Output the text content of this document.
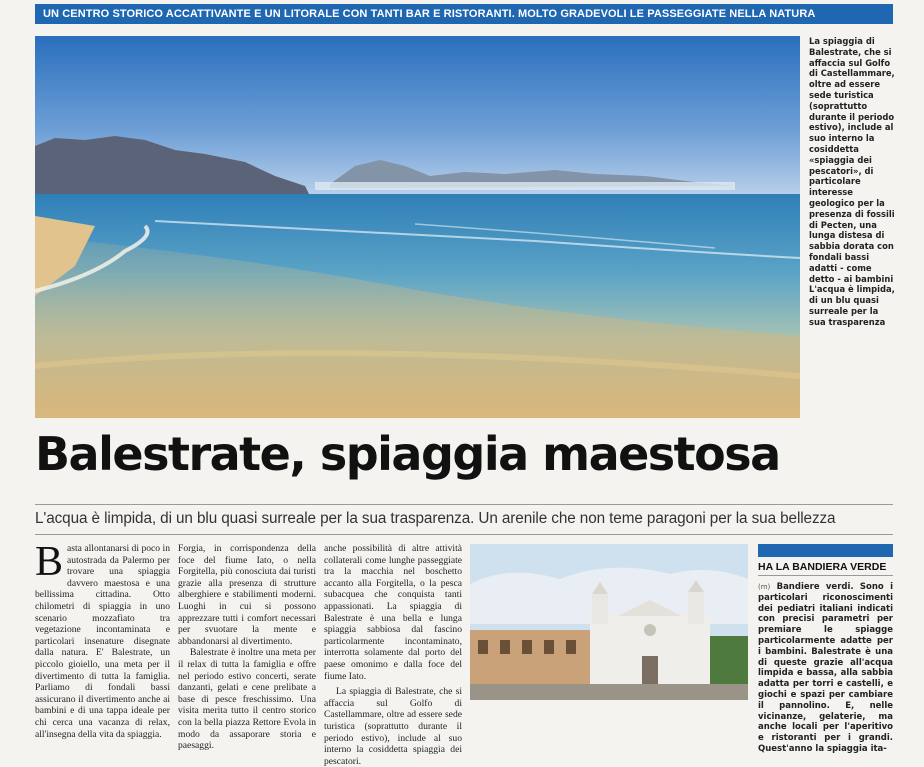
UN CENTRO STORICO ACCATTIVANTE E UN LITORALE CON TANTI BAR E RISTORANTI. MOLTO GRADEVOLI LE PASSEGGIATE NELLA NATURA
La spiaggia di Balestrate, che si affaccia sul Golfo di Castellammare, oltre ad essere sede turistica (soprattutto durante il periodo estivo), include al suo interno la cosiddetta «spiaggia dei pescatori», di particolare interesse geologico per la presenza di fossili di Pecten, una lunga distesa di sabbia dorata con fondali bassi adatti - come detto - ai bambini L'acqua è limpida, di un blu quasi surreale per la sua trasparenza
Balestrate, spiaggia maestosa
L'acqua è limpida, di un blu quasi surreale per la sua trasparenza. Un arenile che non teme paragoni per la sua bellezza
B asta allontanarsi di poco in autostrada da Palermo per trovare una spiaggia davvero maestosa e una bellissima cittadina. Otto chilometri di spiaggia in uno scenario mozzafiato tra vegetazione incontaminata e particolari insenature disegnate dalla natura. E' Balestrate, un piccolo gioiello, una meta per il divertimento di tutta la famiglia. Parliamo di fondali bassi assicurano il divertimento anche ai bambini e di una tappa ideale per chi cerca una vacanza di relax, all'insegna della vita da spiaggia.

Forgia, in corrispondenza della foce del fiume Iato, o nella Forgitella, più conosciuta dai turisti grazie alla presenza di strutture alberghiere e stabilimenti moderni. Luoghi in cui si possono apprezzare tutti i comfort necessari per svuotare la mente e abbandonarsi al divertimento.

Balestrate è inoltre una meta per il relax di tutta la famiglia e offre nel periodo estivo concerti, serate danzanti, gelati e cene prelibate a base di pesce freschissimo. Una visita merita tutto il centro storico con la bella piazza Rettore Evola in modo da assaporare storia e paesaggi.

anche possibilità di altre attività collaterali come lunghe passeggiate tra la macchia nel boschetto accanto alla Forgitella, o la pesca subacquea che conquista tanti appassionati. La spiaggia di Balestrate è una bella e lunga spiaggia sabbiosa dal fascino particolarmente incontaminato, interrotta solamente dal porto del paese omonimo e dalla foce del fiume Iato.

La spiaggia di Balestrate, che si affaccia sul Golfo di Castellammare, oltre ad essere sede turistica (soprattutto durante il periodo estivo), include al suo interno la cosiddetta spiaggia dei pescatori.

HA LA BANDIERA VERDE
(m) Bandiere verdi. Sono i particolari riconoscimenti dei pediatri italiani indicati con precisi parametri per premiare le spiagge particolarmente adatte per i bambini. Balestrate è una di queste grazie all'acqua limpida e bassa, alla sabbia adatta per torri e castelli, e giochi e spazi per cambiare il pannolino. E, nelle vicinanze, gelaterie, ma anche locali per l'aperitivo e ristoranti per i grandi. Quest'anno la spiaggia ita-
